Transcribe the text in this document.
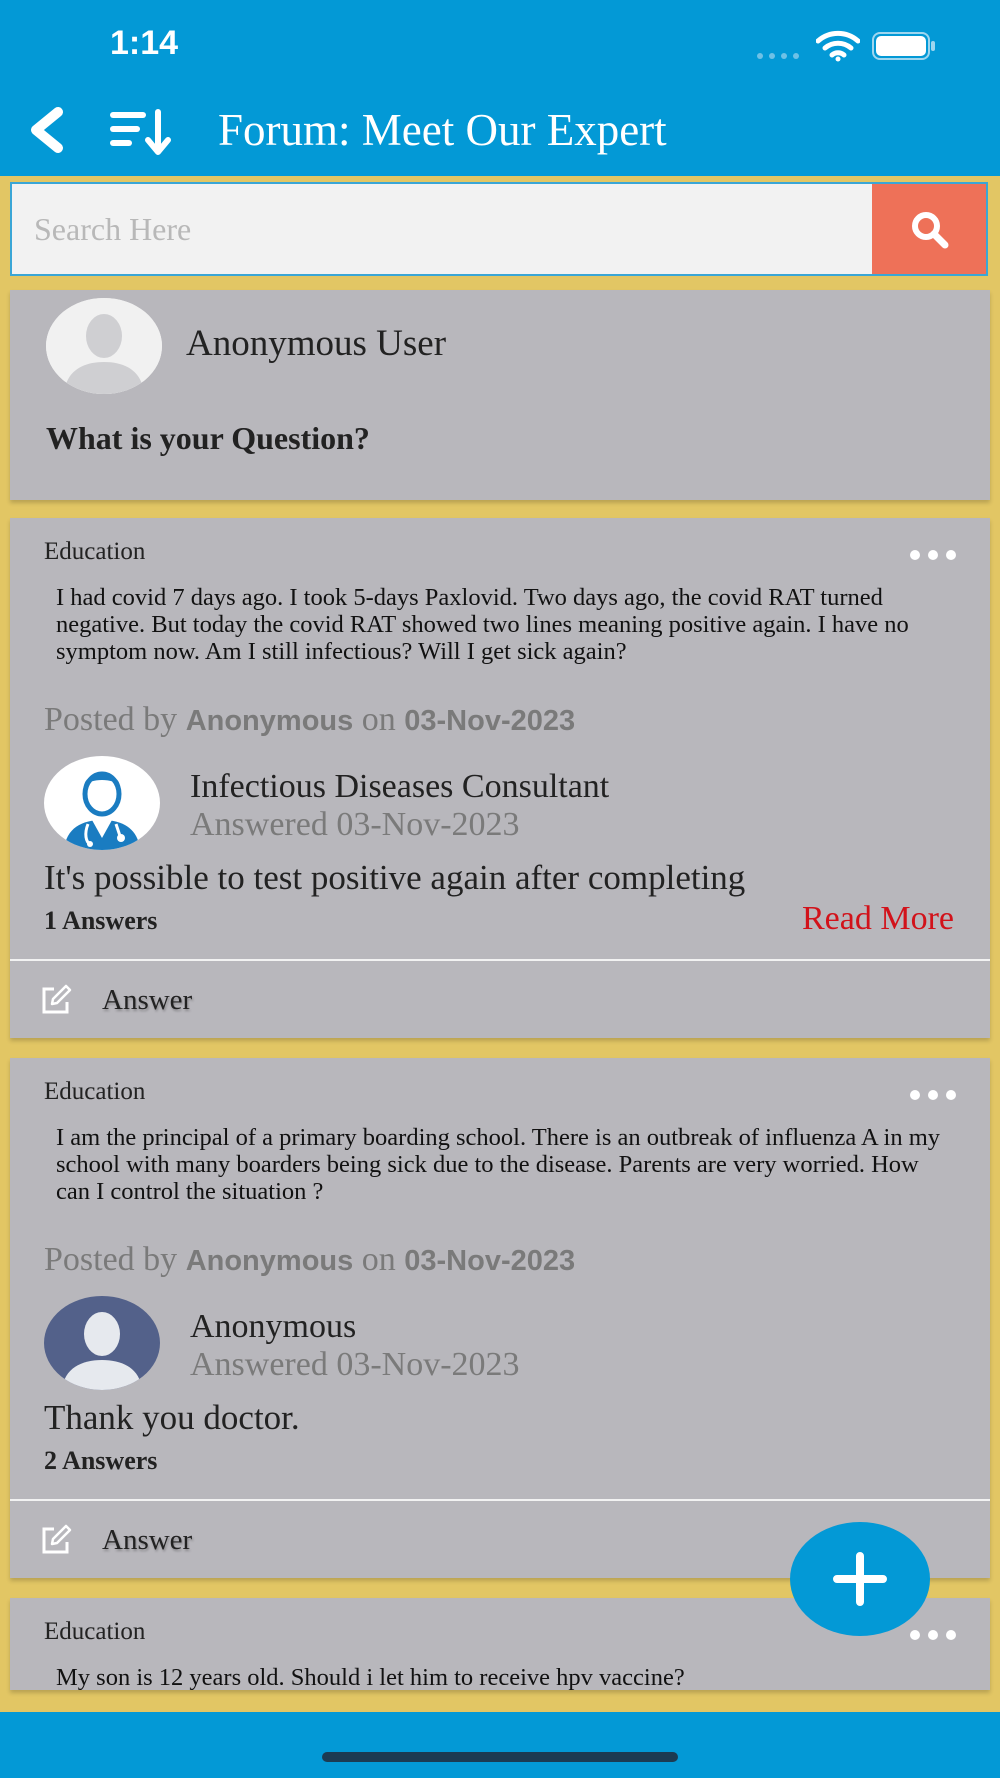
1:14
Forum: Meet Our Expert
Search Here
Anonymous User
What is your Question?
Education
I had covid 7 days ago. I took 5-days Paxlovid. Two days ago, the covid RAT turned negative. But today the covid RAT showed two lines meaning positive again. I have no symptom now. Am I still infectious? Will I get sick again?
Posted by Anonymous on 03-Nov-2023
Infectious Diseases Consultant
Answered 03-Nov-2023
It's possible to test positive again after completing
1 Answers	Read More
Answer
Education
I am the principal of a primary boarding school. There is an outbreak of influenza A in my school with many boarders being sick due to the disease. Parents are very worried. How can I control the situation ?
Posted by Anonymous on 03-Nov-2023
Anonymous
Answered 03-Nov-2023
Thank you doctor.
2 Answers
Answer
Education
My son is 12 years old. Should i let him to receive hpv vaccine?
